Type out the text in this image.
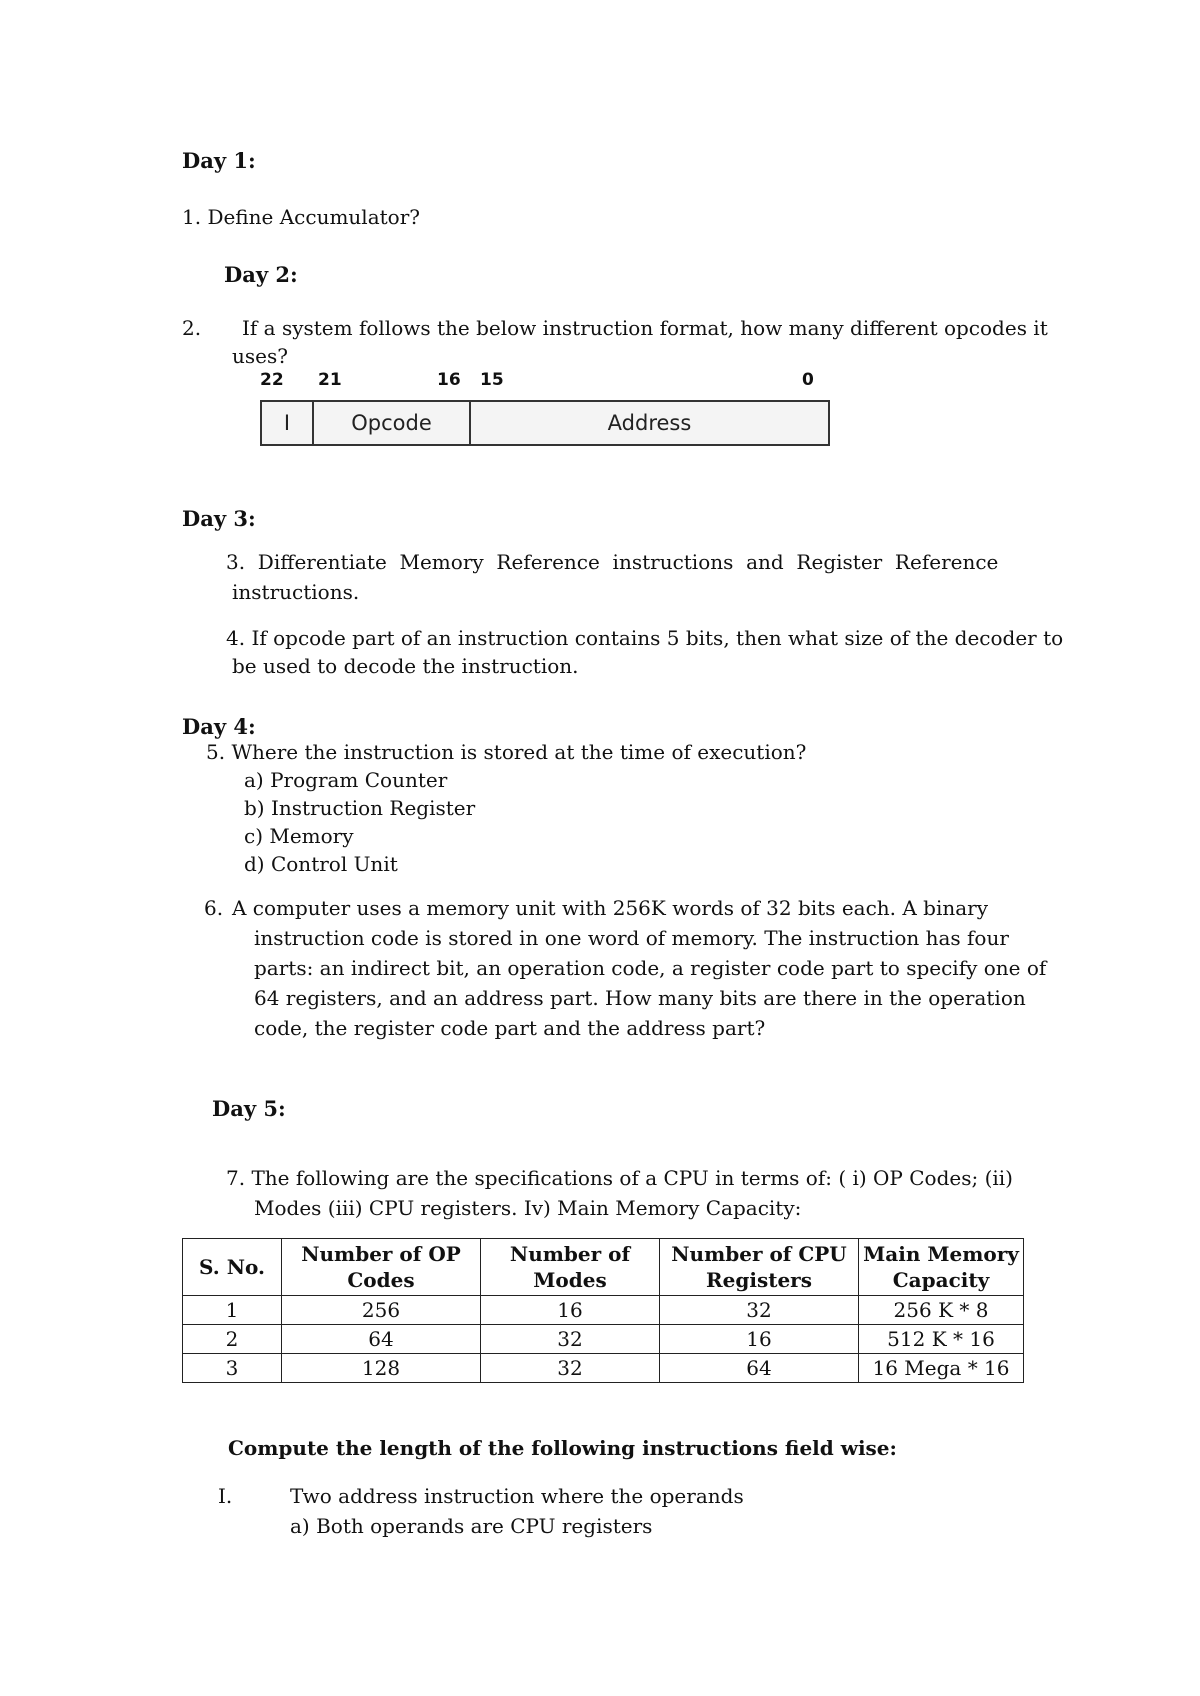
Day 1:
1. Define Accumulator?
Day 2:
2. If a system follows the below instruction format, how many different opcodes it
uses?
22 21	16 15	0
I	Opcode	Address
Day 3:
3.  Differentiate  Memory  Reference  instructions  and  Register  Reference
instructions.
4. If opcode part of an instruction contains 5 bits, then what size of the decoder to
be used to decode the instruction.
Day 4:
5. Where the instruction is stored at the time of execution?
a) Program Counter
b) Instruction Register
c) Memory
d) Control Unit
6. A computer uses a memory unit with 256K words of 32 bits each. A binary
instruction code is stored in one word of memory. The instruction has four
parts: an indirect bit, an operation code, a register code part to specify one of
64 registers, and an address part. How many bits are there in the operation
code, the register code part and the address part?
Day 5:
7. The following are the specifications of a CPU in terms of: ( i) OP Codes; (ii)
Modes (iii) CPU registers. Iv) Main Memory Capacity:
S. No.	Number of OP Codes	Number of Modes	Number of CPU Registers	Main Memory Capacity
1	256	16	32	256 K * 8
2	64	32	16	512 K * 16
3	128	32	64	16 Mega * 16
Compute the length of the following instructions field wise:
I.	Two address instruction where the operands
a) Both operands are CPU registers
